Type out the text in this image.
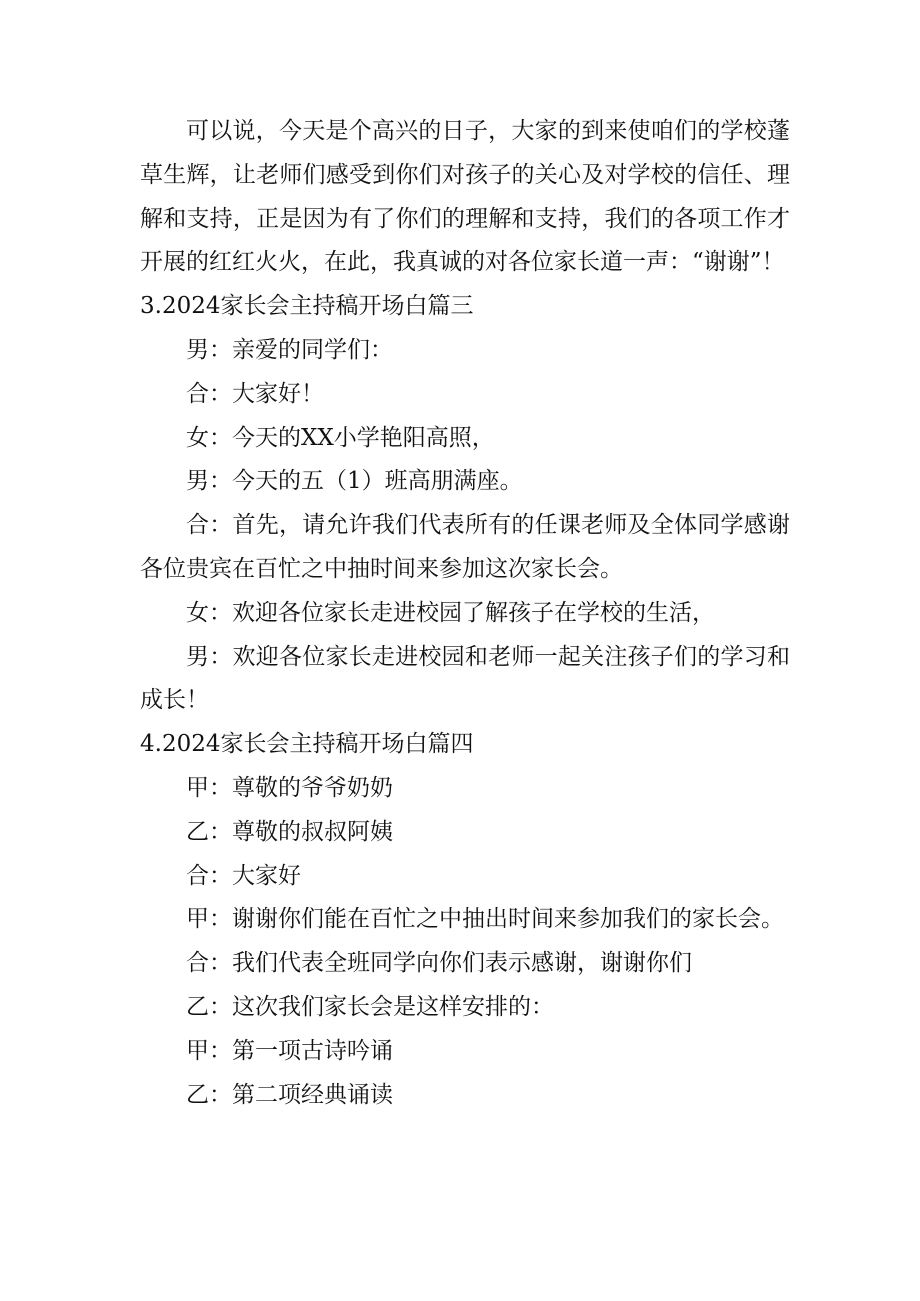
可以说，今天是个高兴的日子，大家的到来使咱们的学校蓬草生辉，让老师们感受到你们对孩子的关心及对学校的信任、理解和支持，正是因为有了你们的理解和支持，我们的各项工作才开展的红红火火，在此，我真诚的对各位家长道一声：“谢谢”！

3.2024家长会主持稿开场白篇三

男：亲爱的同学们：

合：大家好！

女：今天的XX小学艳阳高照，

男：今天的五（1）班高朋满座。

合：首先，请允许我们代表所有的任课老师及全体同学感谢各位贵宾在百忙之中抽时间来参加这次家长会。

女：欢迎各位家长走进校园了解孩子在学校的生活，

男：欢迎各位家长走进校园和老师一起关注孩子们的学习和成长！

4.2024家长会主持稿开场白篇四

甲：尊敬的爷爷奶奶

乙：尊敬的叔叔阿姨

合：大家好

甲：谢谢你们能在百忙之中抽出时间来参加我们的家长会。

合：我们代表全班同学向你们表示感谢，谢谢你们

乙：这次我们家长会是这样安排的：

甲：第一项古诗吟诵

乙：第二项经典诵读
